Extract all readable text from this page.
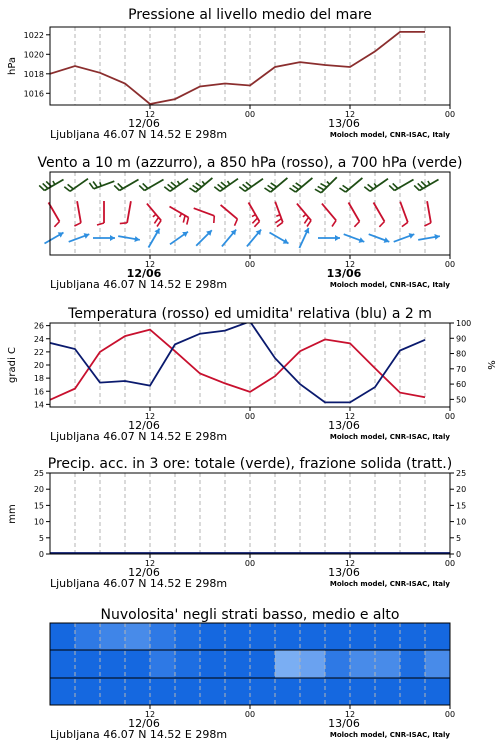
Pressione al livello medio del mare
1016
1018
1020
1022
hPa
12	00	12	00
12/06	13/06
Ljubljana 46.07 N 14.52 E 298m	Moloch model, CNR-ISAC, Italy
Vento a 10 m (azzurro), a 850 hPa (rosso), a 700 hPa (verde)
12	00	12	00
12/06	13/06
Ljubljana 46.07 N 14.52 E 298m	Moloch model, CNR-ISAC, Italy
Temperatura (rosso) ed umidita' relativa (blu) a 2 m
14
16
18
20
22
24
26
50
60
70
80
90
100
gradi C	%
12	00	12	00
12/06	13/06
Ljubljana 46.07 N 14.52 E 298m	Moloch model, CNR-ISAC, Italy
Precip. acc. in 3 ore: totale (verde), frazione solida (tratt.)
0
5
10
15
20
25
0
5
10
15
20
25
mm
12	00	12	00
12/06	13/06
Ljubljana 46.07 N 14.52 E 298m	Moloch model, CNR-ISAC, Italy
Nuvolosita' negli strati basso, medio e alto
12	00	12	00
12/06	13/06
Ljubljana 46.07 N 14.52 E 298m	Moloch model, CNR-ISAC, Italy
